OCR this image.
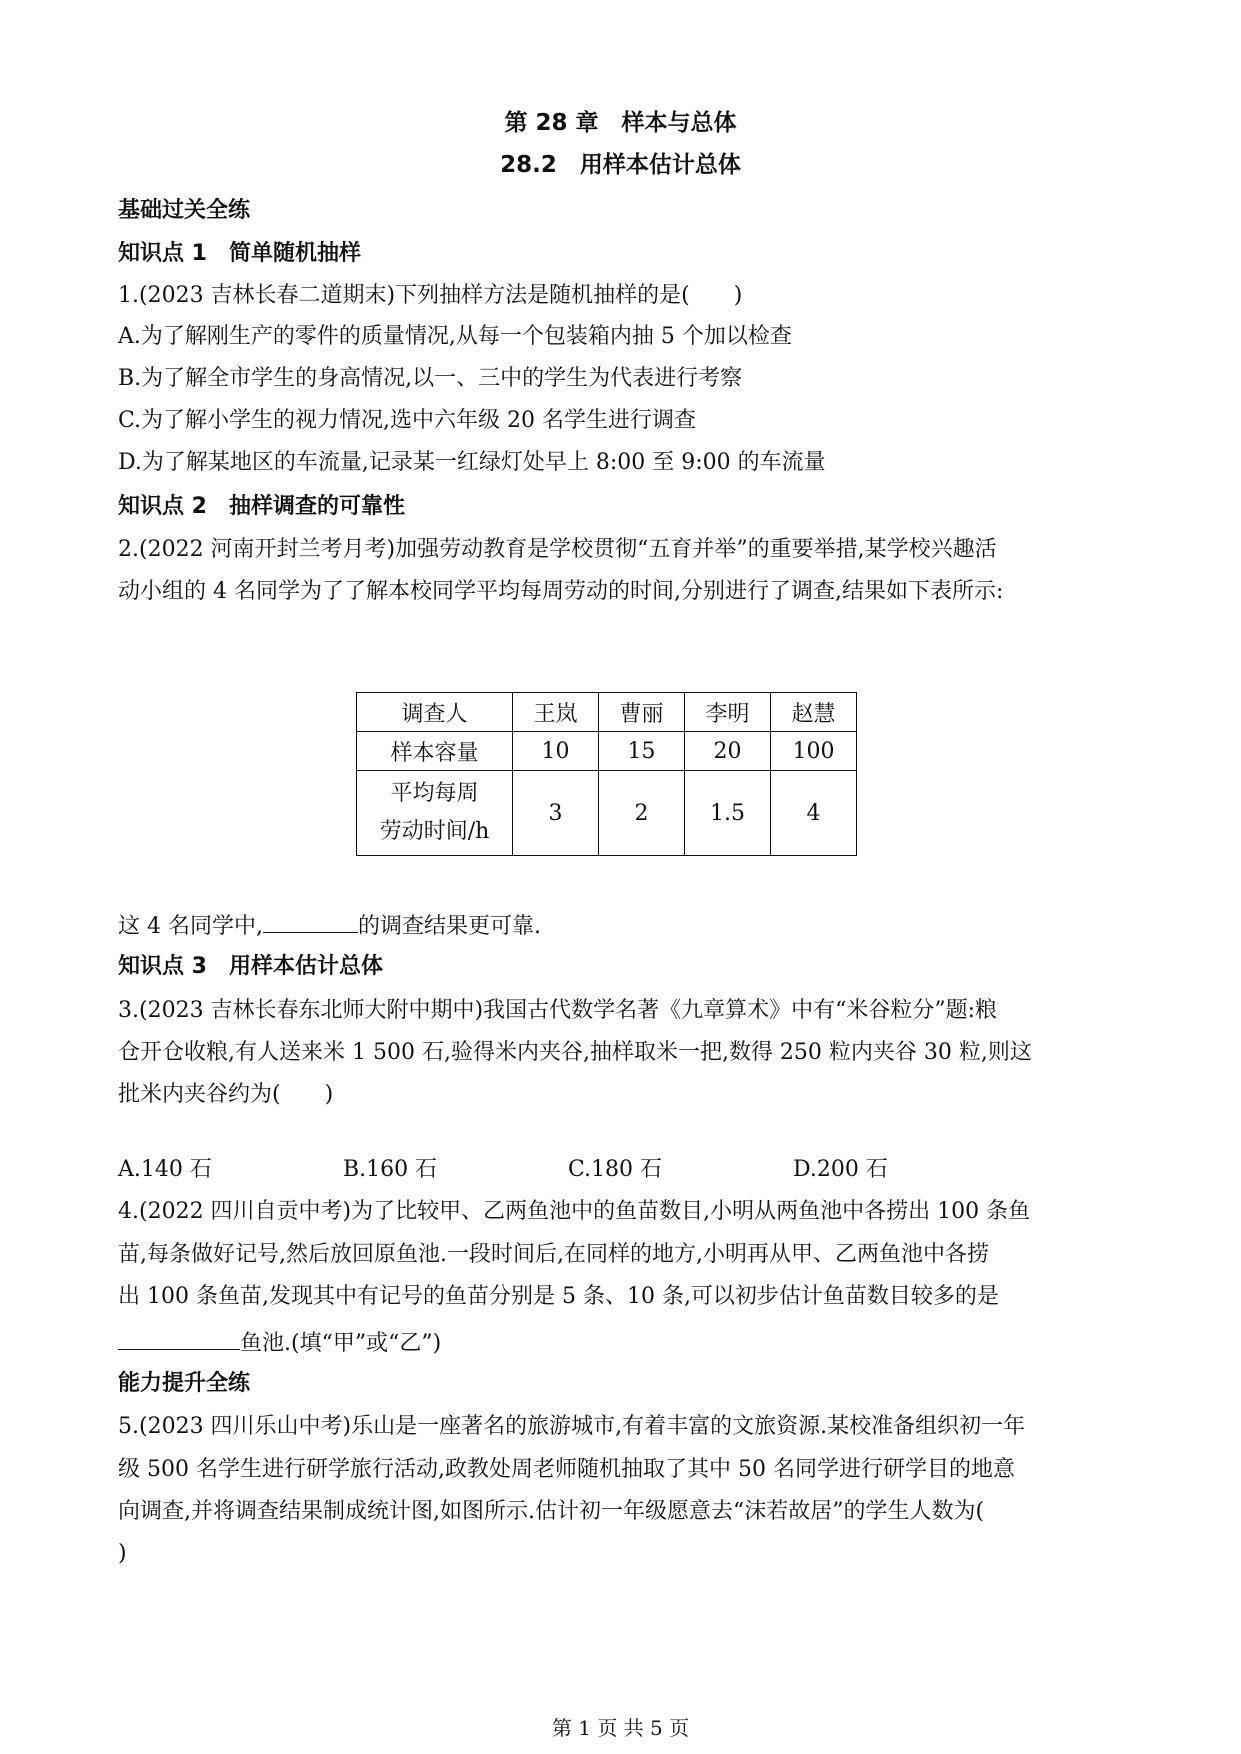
第 28 章　样本与总体
28.2　用样本估计总体
基础过关全练
知识点 1　简单随机抽样
1.(2023 吉林长春二道期末)下列抽样方法是随机抽样的是(　　)
A.为了解刚生产的零件的质量情况,从每一个包装箱内抽 5 个加以检查
B.为了解全市学生的身高情况,以一、三中的学生为代表进行考察
C.为了解小学生的视力情况,选中六年级 20 名学生进行调查
D.为了解某地区的车流量,记录某一红绿灯处早上 8:00 至 9:00 的车流量
知识点 2　抽样调查的可靠性
2.(2022 河南开封兰考月考)加强劳动教育是学校贯彻“五育并举”的重要举措,某学校兴趣活
动小组的 4 名同学为了了解本校同学平均每周劳动的时间,分别进行了调查,结果如下表所示:
调查人	王岚	曹丽	李明	赵慧
样本容量	10	15	20	100

平均每周
劳动时间/h	3	2	1.5	4
这 4 名同学中,	的调查结果更可靠.
知识点 3　用样本估计总体
3.(2023 吉林长春东北师大附中期中)我国古代数学名著《九章算术》中有“米谷粒分”题:粮
仓开仓收粮,有人送来米 1 500 石,验得米内夹谷,抽样取米一把,数得 250 粒内夹谷 30 粒,则这
批米内夹谷约为(　　)
A.140 石	B.160 石	C.180 石	D.200 石
4.(2022 四川自贡中考)为了比较甲、乙两鱼池中的鱼苗数目,小明从两鱼池中各捞出 100 条鱼
苗,每条做好记号,然后放回原鱼池.一段时间后,在同样的地方,小明再从甲、乙两鱼池中各捞
出 100 条鱼苗,发现其中有记号的鱼苗分别是 5 条、10 条,可以初步估计鱼苗数目较多的是
鱼池.(填“甲”或“乙”)
能力提升全练
5.(2023 四川乐山中考)乐山是一座著名的旅游城市,有着丰富的文旅资源.某校准备组织初一年
级 500 名学生进行研学旅行活动,政教处周老师随机抽取了其中 50 名同学进行研学目的地意
向调查,并将调查结果制成统计图,如图所示.估计初一年级愿意去“沫若故居”的学生人数为(
)
第 1 页 共 5 页
